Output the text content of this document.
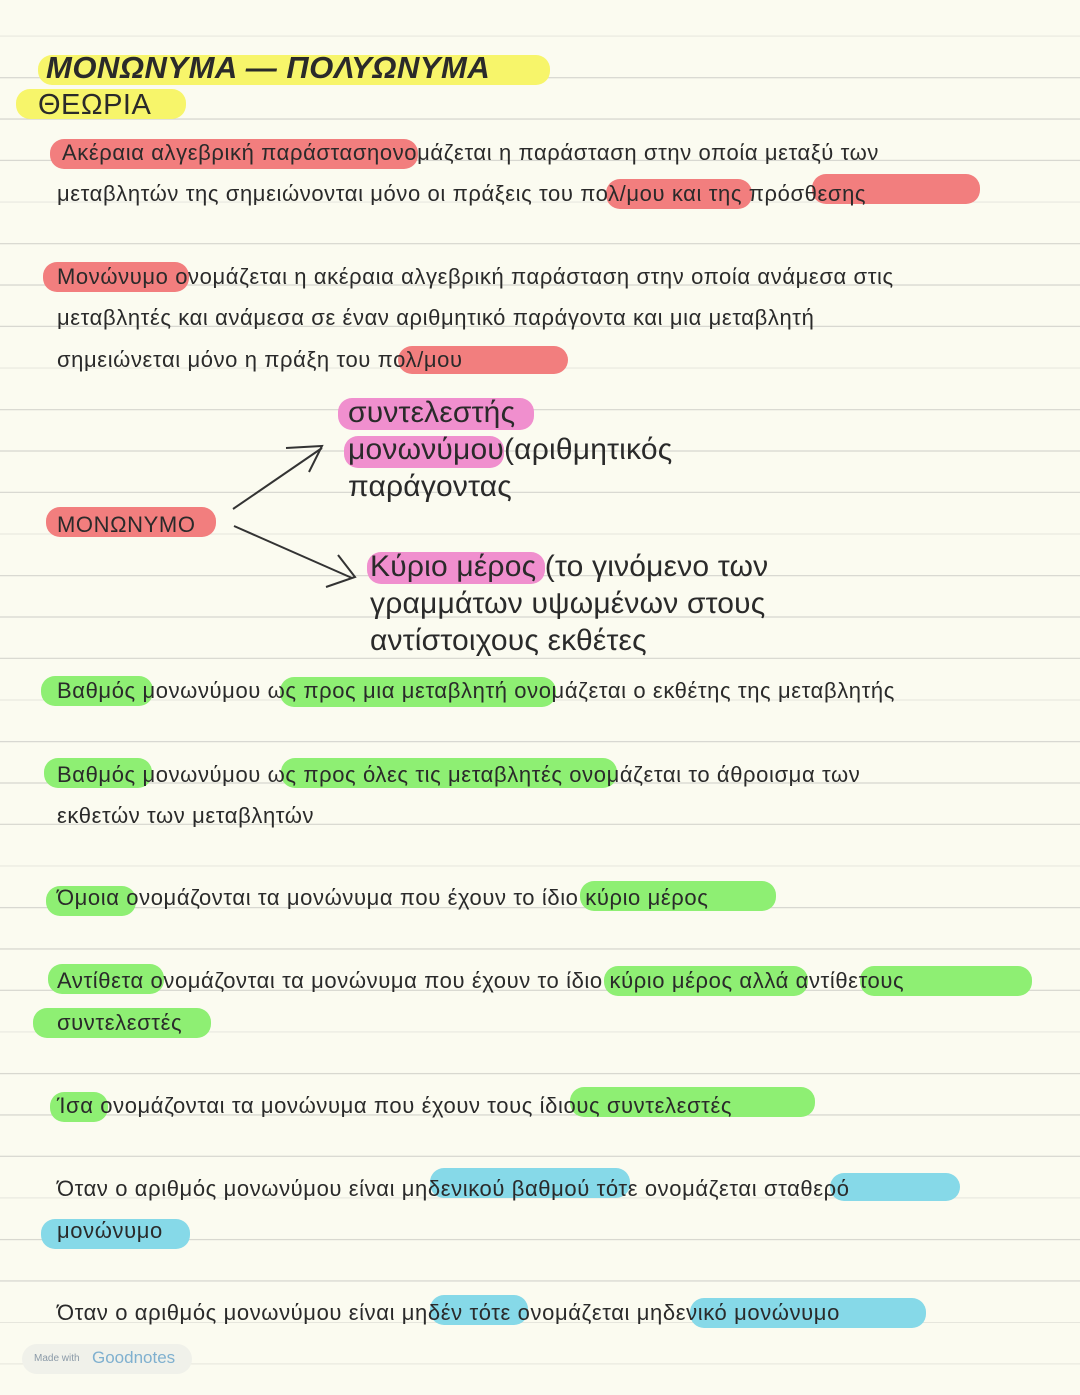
ΜΟΝΩΝΥΜΑ — ΠΟΛΥΩΝΥΜΑ
ΘΕΩΡΙΑ
Ακέραια αλγεβρική παράστασηονομάζεται η παράσταση στην οποία μεταξύ των
μεταβλητών της σημειώνονται μόνο οι πράξεις του πολ/μου και της πρόσθεσης
Μονώνυμο ονομάζεται η ακέραια αλγεβρική παράσταση στην οποία ανάμεσα στις
μεταβλητές και ανάμεσα σε έναν αριθμητικό παράγοντα και μια μεταβλητή
σημειώνεται μόνο η πράξη του πολ/μου
ΜΟΝΩΝΥΜΟ
συντελεστής
μονωνύμου(αριθμητικός
παράγοντας
Κύριο μέρος (το γινόμενο των
γραμμάτων υψωμένων στους
αντίστοιχους εκθέτες
Βαθμός μονωνύμου ως προς μια μεταβλητή ονομάζεται ο εκθέτης της μεταβλητής
Βαθμός μονωνύμου ως προς όλες τις μεταβλητές ονομάζεται το άθροισμα των
εκθετών των μεταβλητών
Όμοια ονομάζονται τα μονώνυμα που έχουν το ίδιο κύριο μέρος
Αντίθετα ονομάζονται τα μονώνυμα που έχουν το ίδιο κύριο μέρος αλλά αντίθετους
συντελεστές
Ίσα ονομάζονται τα μονώνυμα που έχουν τους ίδιους συντελεστές
Όταν ο αριθμός μονωνύμου είναι μηδενικού βαθμού τότε ονομάζεται σταθερό
μονώνυμο
Όταν ο αριθμός μονωνύμου είναι μηδέν τότε ονομάζεται μηδενικό μονώνυμο
Made with Goodnotes
